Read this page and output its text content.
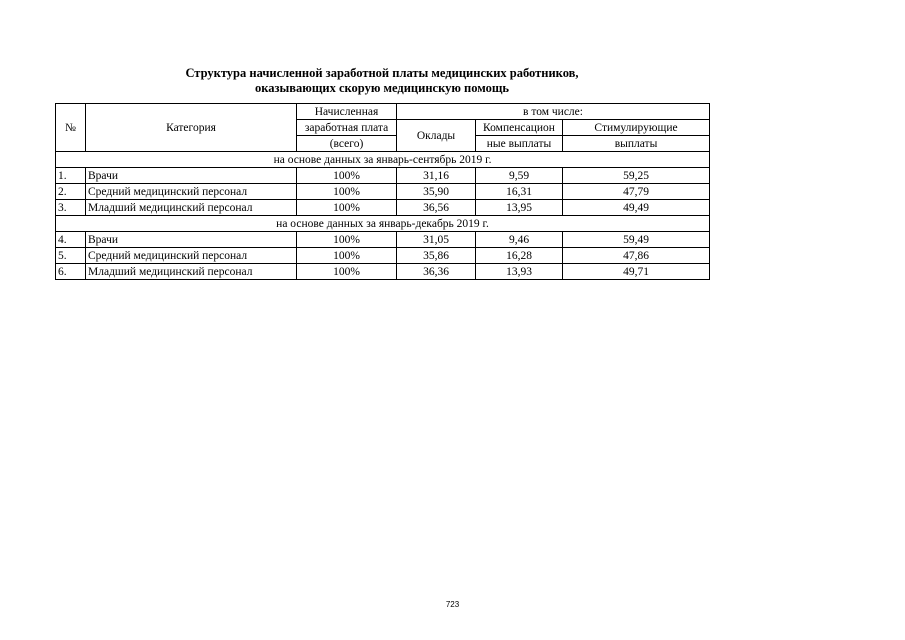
Структура начисленной заработной платы медицинских работников,
оказывающих скорую медицинскую помощь
№	Категория	Начисленная	в том числе:		
		заработная плата	Оклады	Компенсацион	Стимулирующие
		(всего)		ные выплаты	выплаты
на основе данных за январь-сентябрь 2019 г.					
1.	Врачи	100%	31,16	9,59	59,25
2.	Средний медицинский персонал	100%	35,90	16,31	47,79
3.	Младший медицинский персонал	100%	36,56	13,95	49,49
на основе данных за январь-декабрь 2019 г.					
4.	Врачи	100%	31,05	9,46	59,49
5.	Средний медицинский персонал	100%	35,86	16,28	47,86
6.	Младший медицинский персонал	100%	36,36	13,93	49,71
723
